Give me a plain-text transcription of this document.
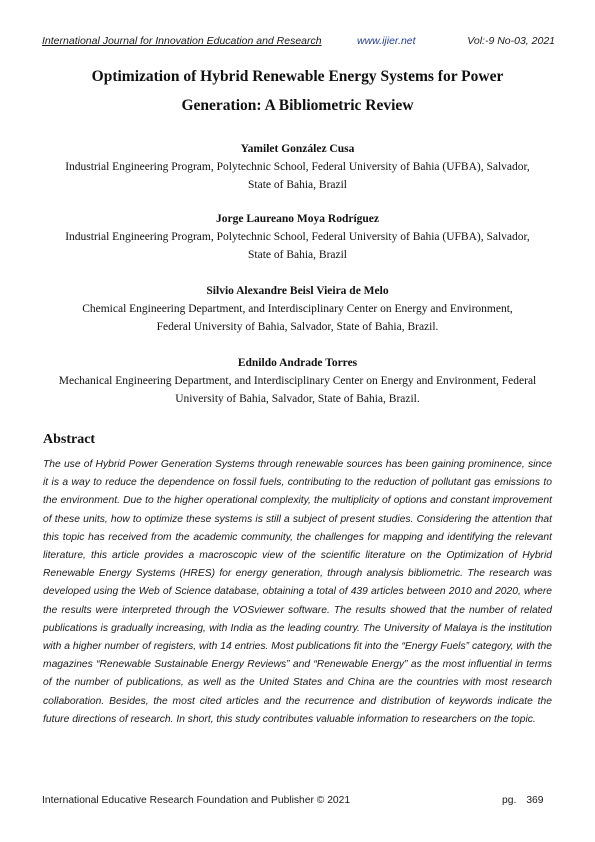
International Journal for Innovation Education and Research	www.ijier.net	Vol:-9 No-03, 2021
Optimization of Hybrid Renewable Energy Systems for Power
Generation: A Bibliometric Review
Yamilet González Cusa
Industrial Engineering Program, Polytechnic School, Federal University of Bahia (UFBA), Salvador,
State of Bahia, Brazil
Jorge Laureano Moya Rodríguez
Industrial Engineering Program, Polytechnic School, Federal University of Bahia (UFBA), Salvador,
State of Bahia, Brazil
Silvio Alexandre Beisl Vieira de Melo
Chemical Engineering Department, and Interdisciplinary Center on Energy and Environment,
Federal University of Bahia, Salvador, State of Bahia, Brazil.
Ednildo Andrade Torres
Mechanical Engineering Department, and Interdisciplinary Center on Energy and Environment, Federal
University of Bahia, Salvador, State of Bahia, Brazil.
Abstract
The use of Hybrid Power Generation Systems through renewable sources has been gaining prominence, since it is a way to reduce the dependence on fossil fuels, contributing to the reduction of pollutant gas emissions to the environment. Due to the higher operational complexity, the multiplicity of options and constant improvement of these units, how to optimize these systems is still a subject of present studies. Considering the attention that this topic has received from the academic community, the challenges for mapping and identifying the relevant literature, this article provides a macroscopic view of the scientific literature on the Optimization of Hybrid Renewable Energy Systems (HRES) for energy generation, through analysis bibliometric. The research was developed using the Web of Science database, obtaining a total of 439 articles between 2010 and 2020, where the results were interpreted through the VOSviewer software. The results showed that the number of related publications is gradually increasing, with India as the leading country. The University of Malaya is the institution with a higher number of registers, with 14 entries. Most publications fit into the “Energy Fuels” category, with the magazines “Renewable Sustainable Energy Reviews” and “Renewable Energy” as the most influential in terms of the number of publications, as well as the United States and China are the countries with most research collaboration. Besides, the most cited articles and the recurrence and distribution of keywords indicate the future directions of research. In short, this study contributes valuable information to researchers on the topic.
International Educative Research Foundation and Publisher © 2021	pg. 369
